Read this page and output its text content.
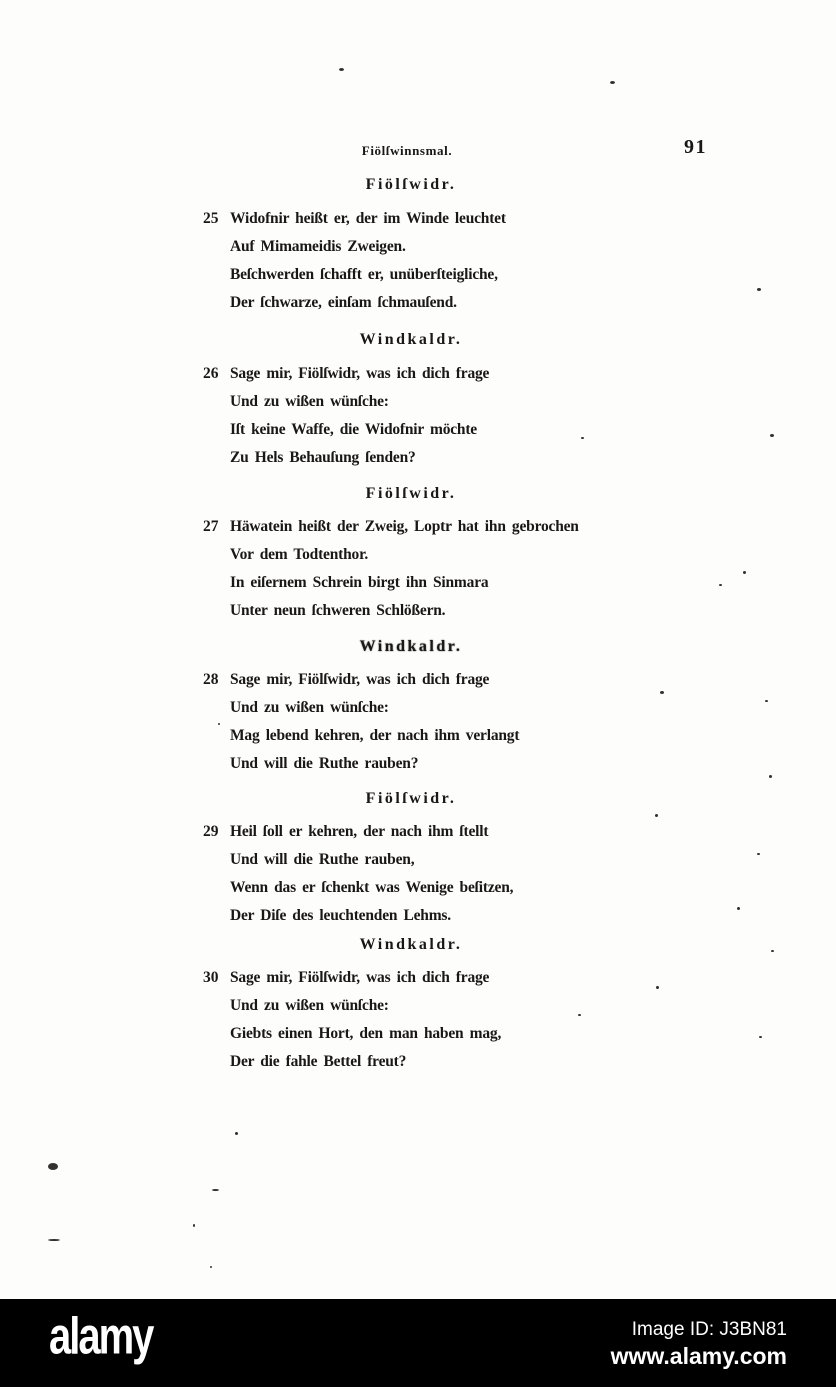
Fiölſwinnsmal.	91
Fiölſwidr.
25 Widofnir heißt er, der im Winde leuchtet
Auf Mimameidis Zweigen.
Beſchwerden ſchafft er, unüberſteigliche,
Der ſchwarze, einſam ſchmauſend.
Windkaldr.
26 Sage mir, Fiölſwidr, was ich dich frage
Und zu wißen wünſche:
Iſt keine Waffe, die Widofnir möchte
Zu Hels Behauſung ſenden?
Fiölſwidr.
27 Häwatein heißt der Zweig, Loptr hat ihn gebrochen
Vor dem Todtenthor.
In eiſernem Schrein birgt ihn Sinmara
Unter neun ſchweren Schlößern.
Windkaldr.
28 Sage mir, Fiölſwidr, was ich dich frage
Und zu wißen wünſche:
Mag lebend kehren, der nach ihm verlangt
Und will die Ruthe rauben?
Fiölſwidr.
29 Heil ſoll er kehren, der nach ihm ſtellt
Und will die Ruthe rauben,
Wenn das er ſchenkt was Wenige beſitzen,
Der Diſe des leuchtenden Lehms.
Windkaldr.
30 Sage mir, Fiölſwidr, was ich dich frage
Und zu wißen wünſche:
Giebts einen Hort, den man haben mag,
Der die fahle Bettel freut?
alamy	Image ID: J3BN81
www.alamy.com
